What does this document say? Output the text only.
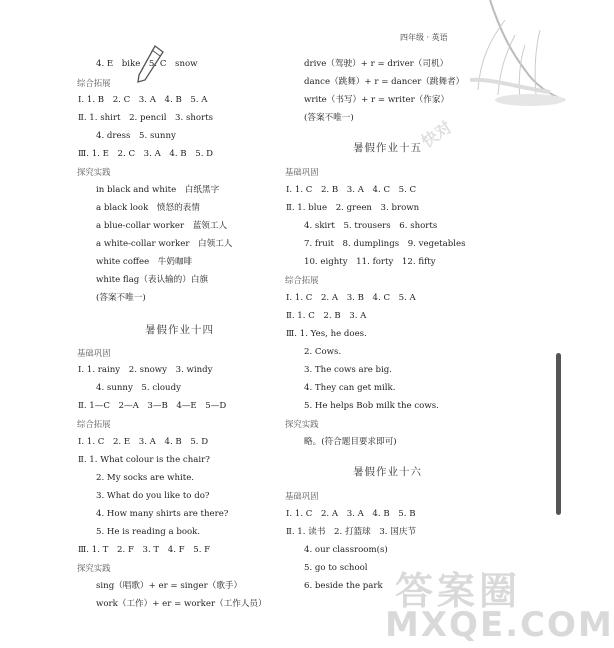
四年级 · 英语
4. E　bike　5. C　snow
综合拓展
Ⅰ. 1. B　2. C　3. A　4. B　5. A
Ⅱ. 1. shirt　2. pencil　3. shorts
4. dress　5. sunny
Ⅲ. 1. E　2. C　3. A　4. B　5. D
探究实践
in black and white　白纸黑字
a black look　愤怒的表情
a blue-collar worker　蓝领工人
a white-collar worker　白领工人
white coffee　牛奶咖啡
white flag（表认输的）白旗
(答案不唯一)
基础巩固
Ⅰ. 1. rainy　2. snowy　3. windy
4. sunny　5. cloudy
Ⅱ. 1—C　2—A　3—B　4—E　5—D
综合拓展
Ⅰ. 1. C　2. E　3. A　4. B　5. D
Ⅱ. 1. What colour is the chair?
2. My socks are white.
3. What do you like to do?
4. How many shirts are there?
5. He is reading a book.
Ⅲ. 1. T　2. F　3. T　4. F　5. F
探究实践
sing（唱歌）+ er = singer（歌手）
work（工作）+ er = worker（工作人员）
drive（驾驶）+ r = driver（司机）
dance（跳舞）+ r = dancer（跳舞者）
write（书写）+ r = writer（作家）
(答案不唯一)
基础巩固
Ⅰ. 1. C　2. B　3. A　4. C　5. C
Ⅱ. 1. blue　2. green　3. brown
4. skirt　5. trousers　6. shorts
7. fruit　8. dumplings　9. vegetables
10. eighty　11. forty　12. fifty
综合拓展
Ⅰ. 1. C　2. A　3. B　4. C　5. A
Ⅱ. 1. C　2. B　3. A
Ⅲ. 1. Yes, he does.
2. Cows.
3. The cows are big.
4. They can get milk.
5. He helps Bob milk the cows.
探究实践
略。(符合题目要求即可)
基础巩固
Ⅰ. 1. C　2. A　3. A　4. B　5. B
Ⅱ. 1. 读书　2. 打篮球　3. 国庆节
4. our classroom(s)
5. go to school
6. beside the park
暑假作业十四
暑假作业十五
暑假作业十六
快对
答案圈
MXQE.COM
